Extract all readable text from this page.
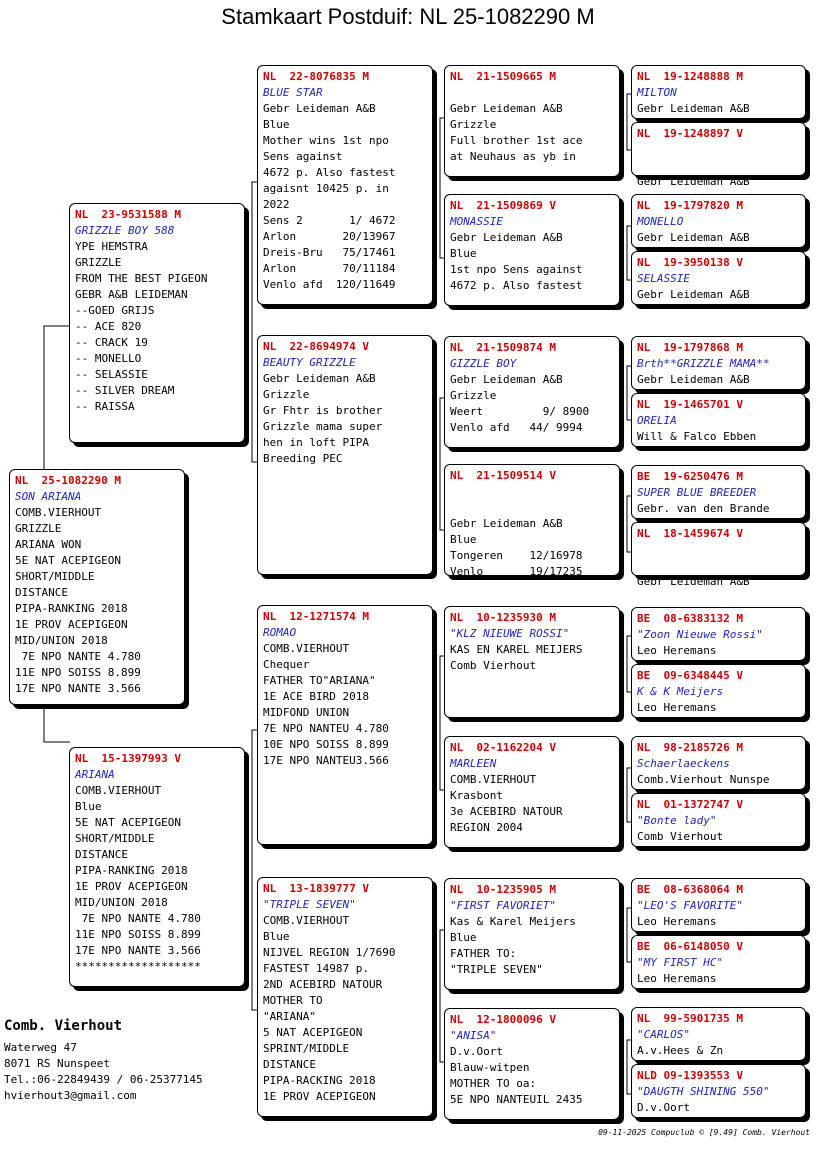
Stamkaart Postduif: NL 25-1082290 M
NL  25-1082290 M
SON ARIANA
COMB.VIERHOUT
GRIZZLE
ARIANA WON
5E NAT ACEPIGEON
SHORT/MIDDLE
DISTANCE
PIPA-RANKING 2018
1E PROV ACEPIGEON
MID/UNION 2018
7E NPO NANTE 4.780
11E NPO SOISS 8.899
17E NPO NANTE 3.566
NL  23-9531588 M
GRIZZLE BOY 588
YPE HEMSTRA
GRIZZLE
FROM THE BEST PIGEON
GEBR A&B LEIDEMAN
--GOED GRIJS
-- ACE 820
-- CRACK 19
-- MONELLO
-- SELASSIE
-- SILVER DREAM
-- RAISSA
NL  15-1397993 V
ARIANA
COMB.VIERHOUT
Blue
5E NAT ACEPIGEON
SHORT/MIDDLE
DISTANCE
PIPA-RANKING 2018
1E PROV ACEPIGEON
MID/UNION 2018
7E NPO NANTE 4.780
11E NPO SOISS 8.899
17E NPO NANTE 3.566
*******************
NL  22-8076835 M
BLUE STAR
Gebr Leideman A&B
Blue
Mother wins 1st npo
Sens against
4672 p. Also fastest
agaisnt 10425 p. in
2022
Sens 2       1/ 4672
Arlon       20/13967
Dreis-Bru   75/17461
Arlon       70/11184
Venlo afd  120/11649
NL  22-8694974 V
BEAUTY GRIZZLE
Gebr Leideman A&B
Grizzle
Gr Fhtr is brother
Grizzle mama super
hen in loft PIPA
Breeding PEC
NL  12-1271574 M
ROMAO
COMB.VIERHOUT
Chequer
FATHER TO"ARIANA"
1E ACE BIRD 2018
MIDFOND UNION
7E NPO NANTEU 4.780
10E NPO SOISS 8.899
17E NPO NANTEU3.566
NL  13-1839777 V
"TRIPLE SEVEN"
COMB.VIERHOUT
Blue
NIJVEL REGION 1/7690
FASTEST 14987 p.
2ND ACEBIRD NATOUR
MOTHER TO
"ARIANA"
5 NAT ACEPIGEON
SPRINT/MIDDLE
DISTANCE
PIPA-RACKING 2018
1E PROV ACEPIGEON
NL  21-1509665 M

Gebr Leideman A&B
Grizzle
Full brother 1st ace
at Neuhaus as yb in
NL  21-1509869 V
MONASSIE
Gebr Leideman A&B
Blue
1st npo Sens against
4672 p. Also fastest
NL  21-1509874 M
GIZZLE BOY
Gebr Leideman A&B
Grizzle
Weert         9/ 8900
Venlo afd   44/ 9994
NL  21-1509514 V

Gebr Leideman A&B
Blue
Tongeren    12/16978
Venlo       19/17235
NL  10-1235930 M
"KLZ NIEUWE ROSSI"
KAS EN KAREL MEIJERS
Comb Vierhout
NL  02-1162204 V
MARLEEN
COMB.VIERHOUT
Krasbont
3e ACEBIRD NATOUR
REGION 2004
NL  10-1235905 M
"FIRST FAVORIET"
Kas & Karel Meijers
Blue
FATHER TO:
"TRIPLE SEVEN"
NL  12-1800096 V
"ANISA"
D.v.Oort
Blauw-witpen
MOTHER TO oa:
5E NPO NANTEUIL 2435
NL  19-1248888 M
MILTON
Gebr Leideman A&B
NL  19-1248897 V

Gebr Leideman A&B
NL  19-1797820 M
MONELLO
Gebr Leideman A&B
NL  19-3950138 V
SELASSIE
Gebr Leideman A&B
NL  19-1797868 M
Brth**GRIZZLE MAMA**
Gebr Leideman A&B
NL  19-1465701 V
ORELIA
Will & Falco Ebben
BE  19-6250476 M
SUPER BLUE BREEDER
Gebr. van den Brande
NL  18-1459674 V

Gebr Leideman A&B
BE  08-6383132 M
"Zoon Nieuwe Rossi"
Leo Heremans
BE  09-6348445 V
K & K Meijers
Leo Heremans
NL  98-2185726 M
Schaerlaeckens
Comb.Vierhout Nunspe
NL  01-1372747 V
"Bonte lady"
Comb Vierhout
BE  08-6368064 M
"LEO'S FAVORITE"
Leo Heremans
BE  06-6148050 V
"MY FIRST HC"
Leo Heremans
NL  99-5901735 M
"CARLOS"
A.v.Hees & Zn
NLD 09-1393553 V
"DAUGTH SHINING 550"
D.v.Oort
Comb. Vierhout
Waterweg 47
8071 RS Nunspeet
Tel.:06-22849439 / 06-25377145
hvierhout3@gmail.com
09-11-2025 Compuclub © [9.49] Comb. Vierhout
